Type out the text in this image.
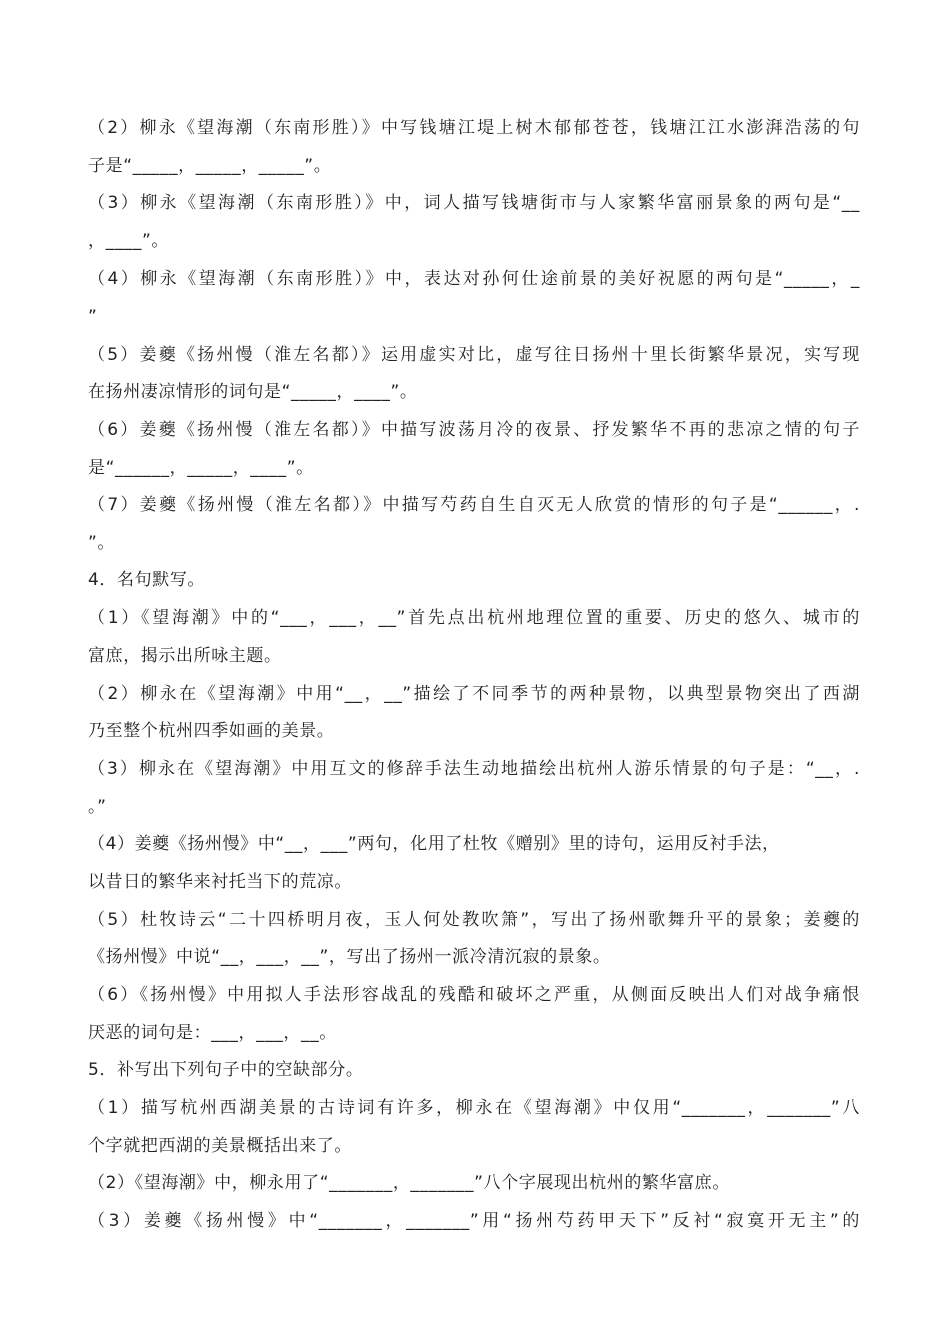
（2）柳永《望海潮（东南形胜）》中写钱塘江堤上树木郁郁苍苍，钱塘江江水澎湃浩荡的句
子是“_____，_____，_____”。
（3）柳永《望海潮（东南形胜）》中，词人描写钱塘街市与人家繁华富丽景象的两句是“__
，____”。
（4）柳永《望海潮（东南形胜）》中，表达对孙何仕途前景的美好祝愿的两句是“_____，_
”
（5）姜夔《扬州慢（淮左名都）》运用虚实对比，虚写往日扬州十里长街繁华景况，实写现
在扬州凄凉情形的词句是“_____，____”。
（6）姜夔《扬州慢（淮左名都）》中描写波荡月冷的夜景、抒发繁华不再的悲凉之情的句子
是“______，_____，____”。
（7）姜夔《扬州慢（淮左名都）》中描写芍药自生自灭无人欣赏的情形的句子是“______，.
”。
4．名句默写。
（1）《望海潮》中的“___，___，__”首先点出杭州地理位置的重要、历史的悠久、城市的
富庶，揭示出所咏主题。
（2）柳永在《望海潮》中用“__，__”描绘了不同季节的两种景物，以典型景物突出了西湖
乃至整个杭州四季如画的美景。
（3）柳永在《望海潮》中用互文的修辞手法生动地描绘出杭州人游乐情景的句子是：“__，.
。”
（4）姜夔《扬州慢》中“__，___”两句，化用了杜牧《赠别》里的诗句，运用反衬手法，
以昔日的繁华来衬托当下的荒凉。
（5）杜牧诗云“二十四桥明月夜，玉人何处教吹箫”，写出了扬州歌舞升平的景象；姜夔的
《扬州慢》中说“__，___，__”，写出了扬州一派冷清沉寂的景象。
（6）《扬州慢》中用拟人手法形容战乱的残酷和破坏之严重，从侧面反映出人们对战争痛恨
厌恶的词句是：___，___，__。
5．补写出下列句子中的空缺部分。
（1）描写杭州西湖美景的古诗词有许多，柳永在《望海潮》中仅用“_______，_______”八
个字就把西湖的美景概括出来了。
（2）《望海潮》中，柳永用了“_______，_______”八个字展现出杭州的繁华富庶。
（3）姜夔《扬州慢》中“_______，_______”用“扬州芍药甲天下”反衬“寂寞开无主”的
